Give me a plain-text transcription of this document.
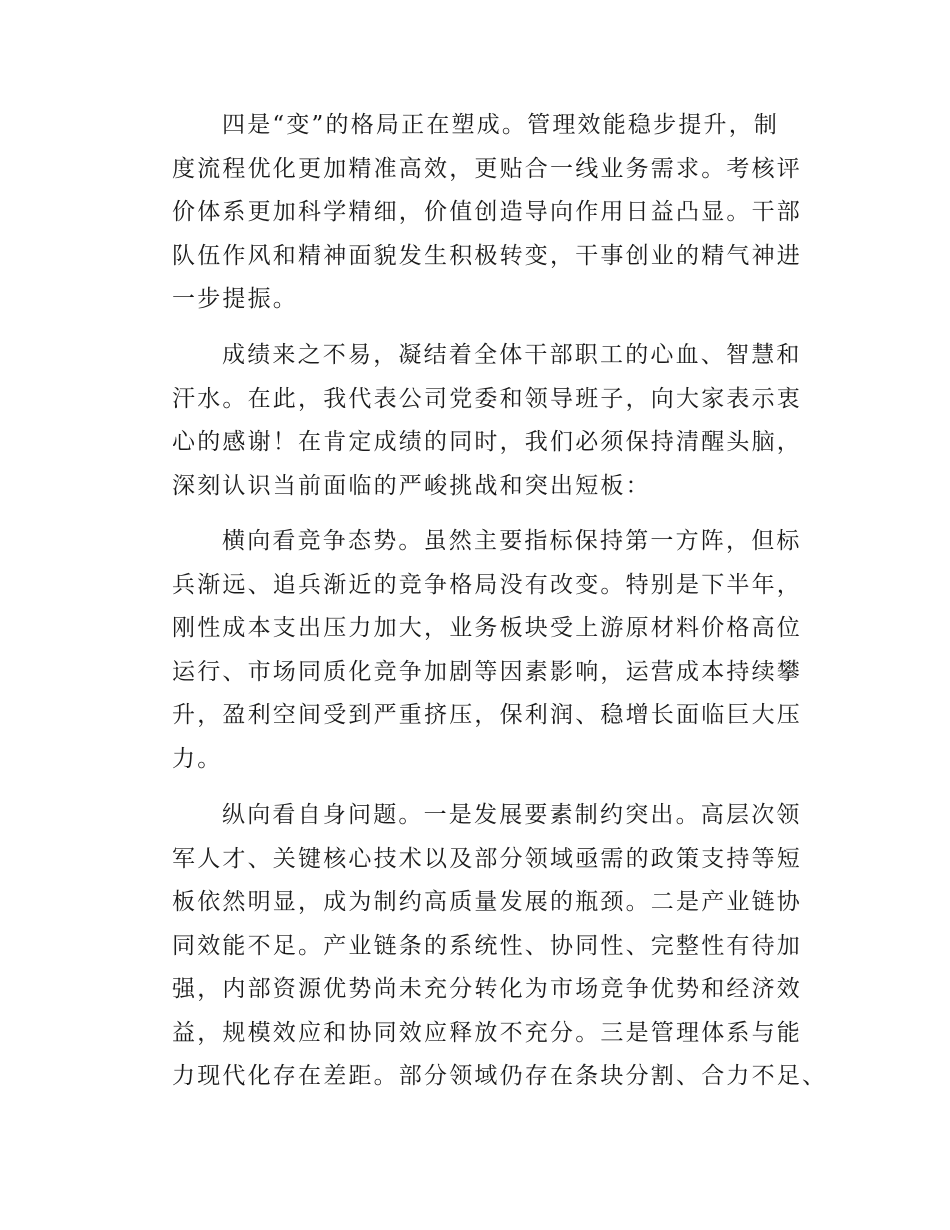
四是“变”的格局正在塑成。管理效能稳步提升，制
度流程优化更加精准高效，更贴合一线业务需求。考核评
价体系更加科学精细，价值创造导向作用日益凸显。干部
队伍作风和精神面貌发生积极转变，干事创业的精气神进
一步提振。
成绩来之不易，凝结着全体干部职工的心血、智慧和
汗水。在此，我代表公司党委和领导班子，向大家表示衷
心的感谢！在肯定成绩的同时，我们必须保持清醒头脑，
深刻认识当前面临的严峻挑战和突出短板：
横向看竞争态势。虽然主要指标保持第一方阵，但标
兵渐远、追兵渐近的竞争格局没有改变。特别是下半年，
刚性成本支出压力加大，业务板块受上游原材料价格高位
运行、市场同质化竞争加剧等因素影响，运营成本持续攀
升，盈利空间受到严重挤压，保利润、稳增长面临巨大压
力。
纵向看自身问题。一是发展要素制约突出。高层次领
军人才、关键核心技术以及部分领域亟需的政策支持等短
板依然明显，成为制约高质量发展的瓶颈。二是产业链协
同效能不足。产业链条的系统性、协同性、完整性有待加
强，内部资源优势尚未充分转化为市场竞争优势和经济效
益，规模效应和协同效应释放不充分。三是管理体系与能
力现代化存在差距。部分领域仍存在条块分割、合力不足、
